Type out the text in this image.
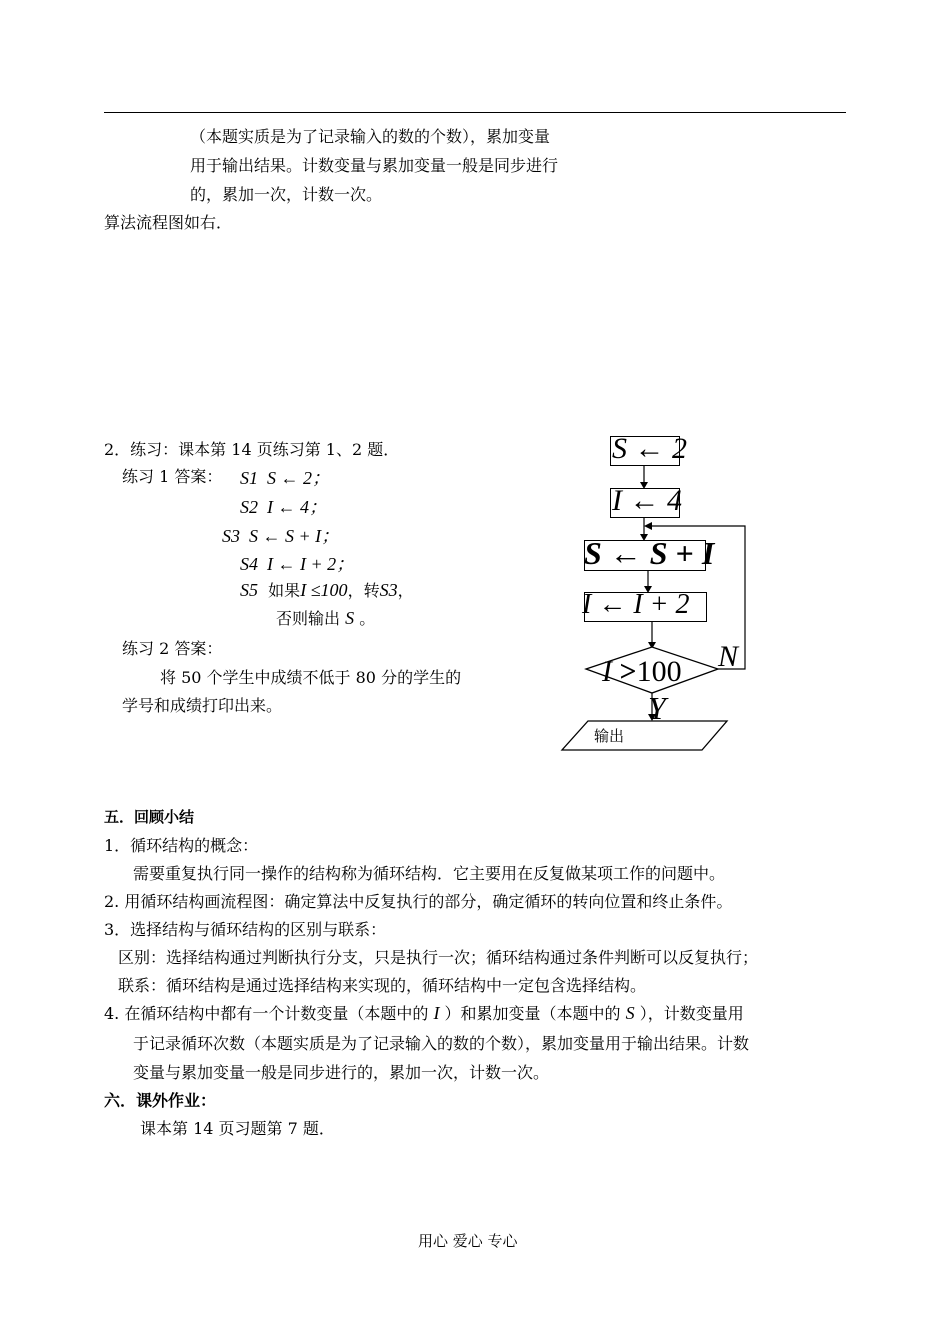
（本题实质是为了记录输入的数的个数），累加变量
用于输出结果。计数变量与累加变量一般是同步进行
的，累加一次，计数一次。
算法流程图如右．
2．练习：课本第 14 页练习第 1、2 题．
练习 1 答案： S1 S ← 2；
S2 I ← 4；
S3 S ← S + I；
S4 I ← I + 2；
S5 如果I ≤100，转S3，
否则输出 S 。
练习 2 答案：
将 50 个学生中成绩不低于 80 分的学生的
学号和成绩打印出来。
S ← 2
I ← 4
S ← S + I
I ← I + 2
I >100 N
Y
输出
五．回顾小结
1．循环结构的概念：
需要重复执行同一操作的结构称为循环结构．它主要用在反复做某项工作的问题中。
2. 用循环结构画流程图：确定算法中反复执行的部分，确定循环的转向位置和终止条件。
3．选择结构与循环结构的区别与联系：
区别：选择结构通过判断执行分支，只是执行一次；循环结构通过条件判断可以反复执行；
联系：循环结构是通过选择结构来实现的，循环结构中一定包含选择结构。
4. 在循环结构中都有一个计数变量（本题中的 I ）和累加变量（本题中的 S ），计数变量用
于记录循环次数（本题实质是为了记录输入的数的个数），累加变量用于输出结果。计数
变量与累加变量一般是同步进行的，累加一次，计数一次。
六．课外作业：
课本第 14 页习题第 7 题．
用心 爱心 专心
